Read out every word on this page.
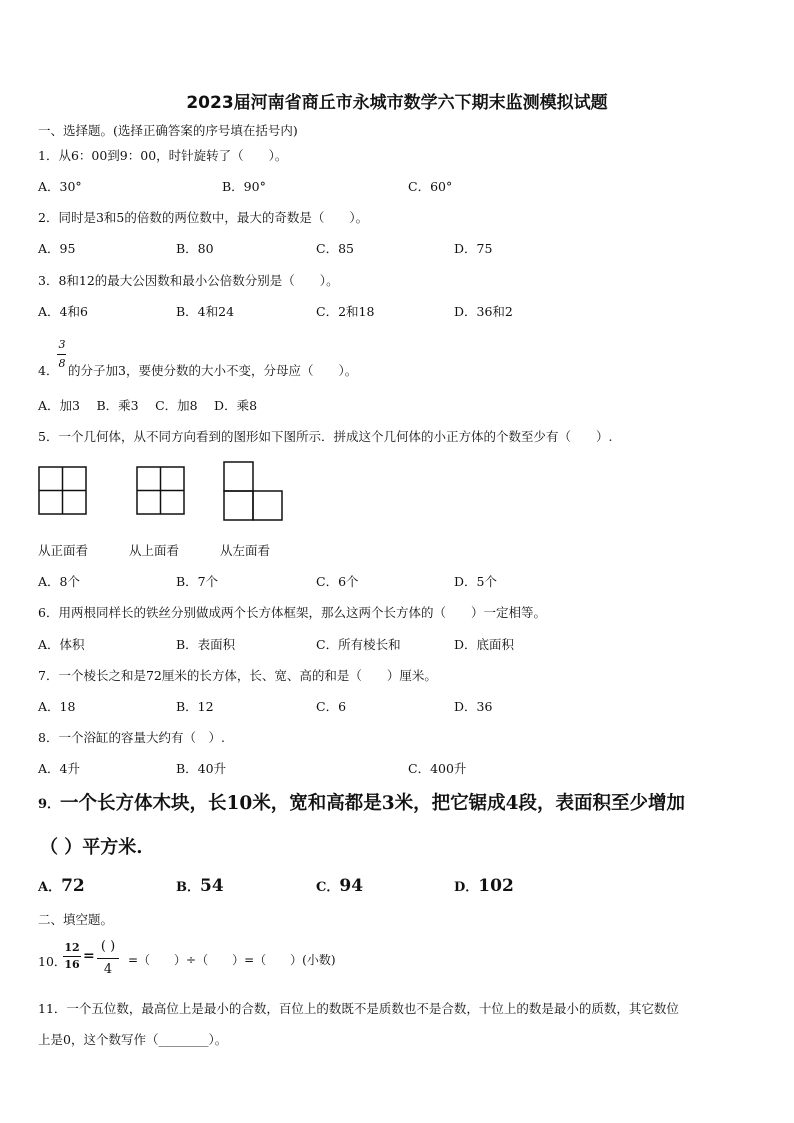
2023届河南省商丘市永城市数学六下期末监测模拟试题
一、选择题。(选择正确答案的序号填在括号内)
1．从6：00到9：00，时针旋转了（　　）。
A．30°	B．90°	C．60°
2．同时是3和5的倍数的两位数中，最大的奇数是（　　）。
A．95	B．80	C．85	D．75
3．8和12的最大公因数和最小公倍数分别是（　　）。
A．4和6	B．4和24	C．2和18	D．36和2
4．
3
8 的分子加3，要使分数的大小不变，分母应（　　）。
A．加3　 B．乘3　 C．加8　 D．乘8
5．一个几何体，从不同方向看到的图形如下图所示．拼成这个几何体的小正方体的个数至少有（　　）.
从正面看	从上面看	从左面看
A．8个	B．7个	C．6个	D．5个
6．用两根同样长的铁丝分别做成两个长方体框架，那么这两个长方体的（　　）一定相等。
A．体积	B．表面积	C．所有棱长和	D．底面积
7．一个棱长之和是72厘米的长方体，长、宽、高的和是（　　）厘米。
A．18	B．12	C．6	D．36
8．一个浴缸的容量大约有（　）.
A．4升	B．40升	C．400升
9． 一个长方体木块，长10米，宽和高都是3米，把它锯成4段，表面积至少增加
（ ）平方米.
A．72	B．54	C．94	D．102
二、填空题。
10．
12
16
=
( )
4
=（　　）÷（　　）=（　　）(小数)
11．一个五位数，最高位上是最小的合数，百位上的数既不是质数也不是合数，十位上的数是最小的质数，其它数位
上是0，这个数写作（________）。
